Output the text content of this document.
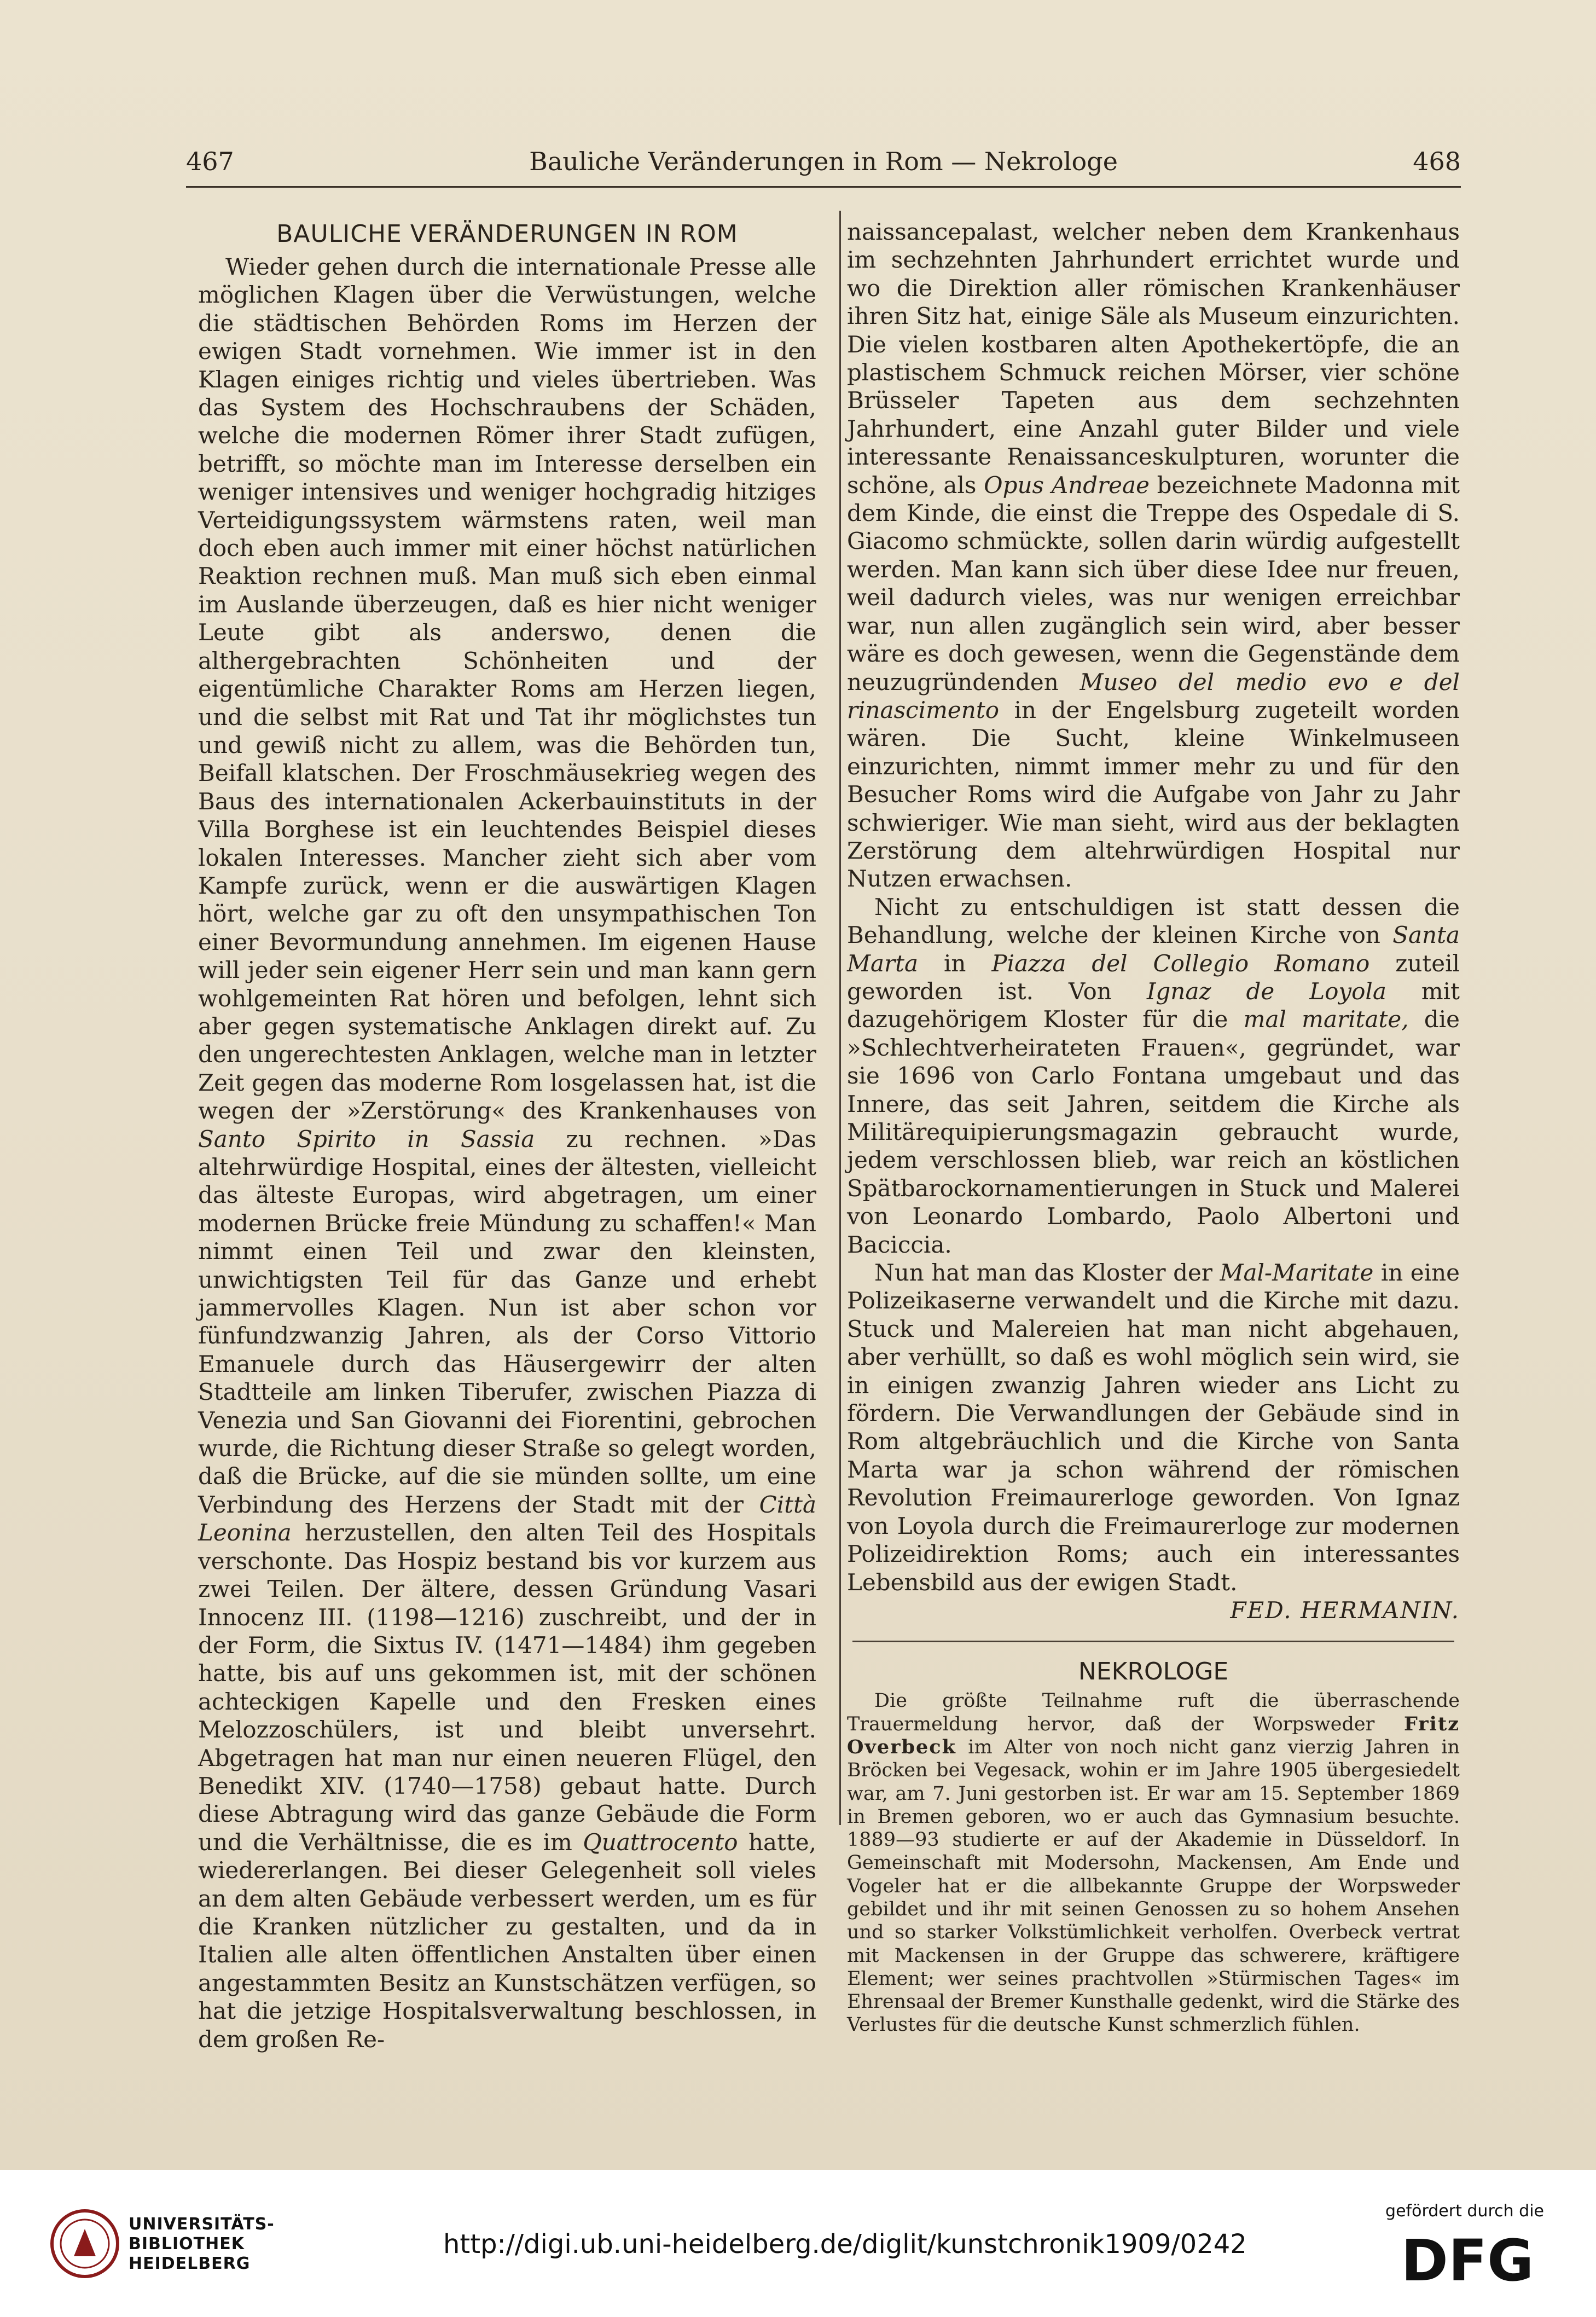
467	Bauliche Veränderungen in Rom — Nekrologe	468
BAULICHE VERÄNDERUNGEN IN ROM

Wieder gehen durch die internationale Presse alle möglichen Klagen über die Verwüstungen, welche die städtischen Behörden Roms im Herzen der ewigen Stadt vornehmen. Wie immer ist in den Klagen einiges richtig und vieles übertrieben. Was das System des Hochschraubens der Schäden, welche die modernen Römer ihrer Stadt zufügen, betrifft, so möchte man im Interesse derselben ein weniger intensives und weniger hochgradig hitziges Verteidigungssystem wärmstens raten, weil man doch eben auch immer mit einer höchst natürlichen Reaktion rechnen muß. Man muß sich eben einmal im Auslande überzeugen, daß es hier nicht weniger Leute gibt als anderswo, denen die althergebrachten Schönheiten und der eigentümliche Charakter Roms am Herzen liegen, und die selbst mit Rat und Tat ihr möglichstes tun und gewiß nicht zu allem, was die Behörden tun, Beifall klatschen. Der Froschmäusekrieg wegen des Baus des internationalen Ackerbauinstituts in der Villa Borghese ist ein leuchtendes Beispiel dieses lokalen Interesses. Mancher zieht sich aber vom Kampfe zurück, wenn er die auswärtigen Klagen hört, welche gar zu oft den unsympathischen Ton einer Bevormundung annehmen. Im eigenen Hause will jeder sein eigener Herr sein und man kann gern wohlgemeinten Rat hören und befolgen, lehnt sich aber gegen systematische Anklagen direkt auf. Zu den ungerechtesten Anklagen, welche man in letzter Zeit gegen das moderne Rom losgelassen hat, ist die wegen der »Zerstörung« des Krankenhauses von Santo Spirito in Sassia zu rechnen. »Das altehrwürdige Hospital, eines der ältesten, vielleicht das älteste Europas, wird abgetragen, um einer modernen Brücke freie Mündung zu schaffen!« Man nimmt einen Teil und zwar den kleinsten, unwichtigsten Teil für das Ganze und erhebt jammervolles Klagen. Nun ist aber schon vor fünfundzwanzig Jahren, als der Corso Vittorio Emanuele durch das Häusergewirr der alten Stadtteile am linken Tiberufer, zwischen Piazza di Venezia und San Giovanni dei Fiorentini, gebrochen wurde, die Richtung dieser Straße so gelegt worden, daß die Brücke, auf die sie münden sollte, um eine Verbindung des Herzens der Stadt mit der Città Leonina herzustellen, den alten Teil des Hospitals verschonte. Das Hospiz bestand bis vor kurzem aus zwei Teilen. Der ältere, dessen Gründung Vasari Innocenz III. (1198—1216) zuschreibt, und der in der Form, die Sixtus IV. (1471—1484) ihm gegeben hatte, bis auf uns gekommen ist, mit der schönen achteckigen Kapelle und den Fresken eines Melozzoschülers, ist und bleibt unversehrt. Abgetragen hat man nur einen neueren Flügel, den Benedikt XIV. (1740—1758) gebaut hatte. Durch diese Abtragung wird das ganze Gebäude die Form und die Verhältnisse, die es im Quattrocento hatte, wiedererlangen. Bei dieser Gelegenheit soll vieles an dem alten Gebäude verbessert werden, um es für die Kranken nützlicher zu gestalten, und da in Italien alle alten öffentlichen Anstalten über einen angestammten Besitz an Kunstschätzen verfügen, so hat die jetzige Hospitalsverwaltung beschlossen, in dem großen Re-

naissancepalast, welcher neben dem Krankenhaus im sechzehnten Jahrhundert errichtet wurde und wo die Direktion aller römischen Krankenhäuser ihren Sitz hat, einige Säle als Museum einzurichten. Die vielen kostbaren alten Apothekertöpfe, die an plastischem Schmuck reichen Mörser, vier schöne Brüsseler Tapeten aus dem sechzehnten Jahrhundert, eine Anzahl guter Bilder und viele interessante Renaissanceskulpturen, worunter die schöne, als Opus Andreae bezeichnete Madonna mit dem Kinde, die einst die Treppe des Ospedale di S. Giacomo schmückte, sollen darin würdig aufgestellt werden. Man kann sich über diese Idee nur freuen, weil dadurch vieles, was nur wenigen erreichbar war, nun allen zugänglich sein wird, aber besser wäre es doch gewesen, wenn die Gegenstände dem neuzugründenden Museo del medio evo e del rinascimento in der Engelsburg zugeteilt worden wären. Die Sucht, kleine Winkelmuseen einzurichten, nimmt immer mehr zu und für den Besucher Roms wird die Aufgabe von Jahr zu Jahr schwieriger. Wie man sieht, wird aus der beklagten Zerstörung dem altehrwürdigen Hospital nur Nutzen erwachsen.

Nicht zu entschuldigen ist statt dessen die Behandlung, welche der kleinen Kirche von Santa Marta in Piazza del Collegio Romano zuteil geworden ist. Von Ignaz de Loyola mit dazugehörigem Kloster für die mal maritate, die »Schlechtverheirateten Frauen«, gegründet, war sie 1696 von Carlo Fontana umgebaut und das Innere, das seit Jahren, seitdem die Kirche als Militärequipierungsmagazin gebraucht wurde, jedem verschlossen blieb, war reich an köstlichen Spätbarockornamentierungen in Stuck und Malerei von Leonardo Lombardo, Paolo Albertoni und Baciccia.

Nun hat man das Kloster der Mal-Maritate in eine Polizeikaserne verwandelt und die Kirche mit dazu. Stuck und Malereien hat man nicht abgehauen, aber verhüllt, so daß es wohl möglich sein wird, sie in einigen zwanzig Jahren wieder ans Licht zu fördern. Die Verwandlungen der Gebäude sind in Rom altgebräuchlich und die Kirche von Santa Marta war ja schon während der römischen Revolution Freimaurerloge geworden. Von Ignaz von Loyola durch die Freimaurerloge zur modernen Polizeidirektion Roms; auch ein interessantes Lebensbild aus der ewigen Stadt.

FED. HERMANIN.
NEKROLOGE

Die größte Teilnahme ruft die überraschende Trauermeldung hervor, daß der Worpsweder Fritz Overbeck im Alter von noch nicht ganz vierzig Jahren in Bröcken bei Vegesack, wohin er im Jahre 1905 übergesiedelt war, am 7. Juni gestorben ist. Er war am 15. September 1869 in Bremen geboren, wo er auch das Gymnasium besuchte. 1889—93 studierte er auf der Akademie in Düsseldorf. In Gemeinschaft mit Modersohn, Mackensen, Am Ende und Vogeler hat er die allbekannte Gruppe der Worpsweder gebildet und ihr mit seinen Genossen zu so hohem Ansehen und so starker Volkstümlichkeit verholfen. Overbeck vertrat mit Mackensen in der Gruppe das schwerere, kräftigere Element; wer seines prachtvollen »Stürmischen Tages« im Ehrensaal der Bremer Kunsthalle gedenkt, wird die Stärke des Verlustes für die deutsche Kunst schmerzlich fühlen.

UNIVERSITÄTS-
BIBLIOTHEK
HEIDELBERG
http://digi.ub.uni-heidelberg.de/diglit/kunstchronik1909/0242
gefördert durch die
DFG
